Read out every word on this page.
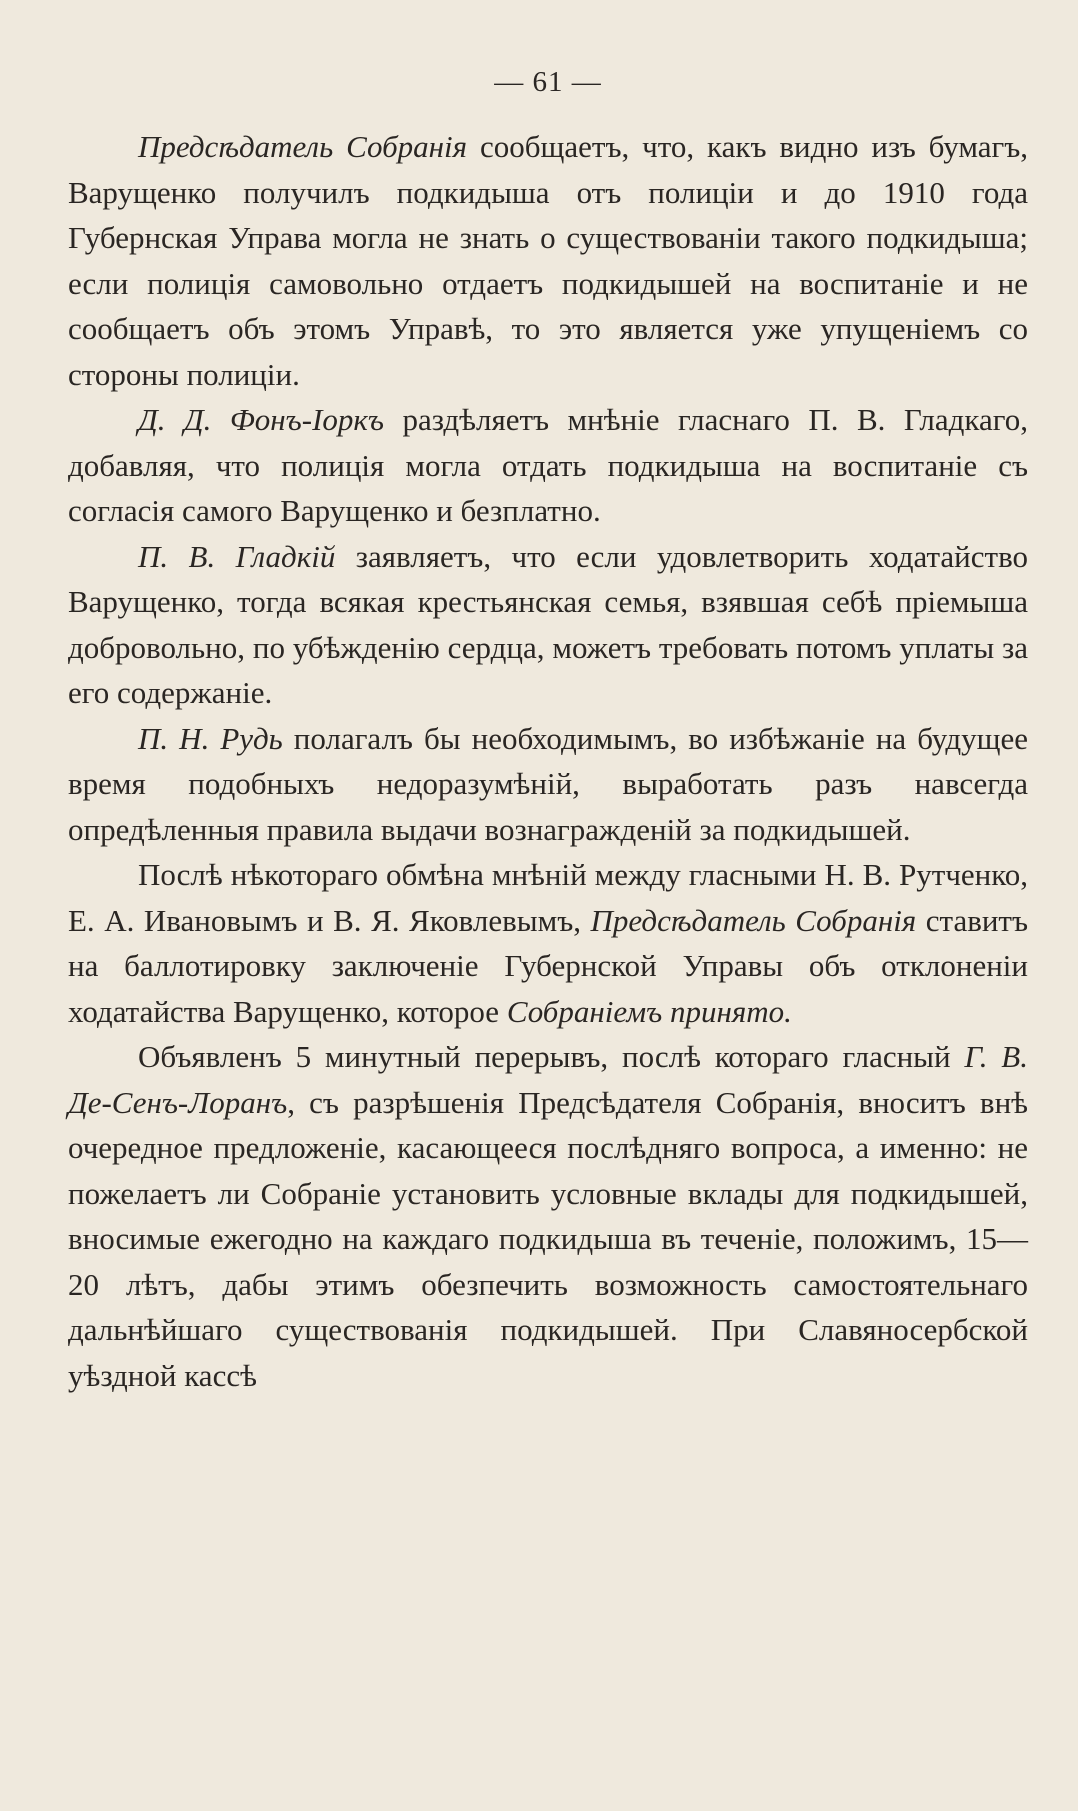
— 61 —

Предсѣдатель Собранія сообщаетъ, что, какъ видно изъ бумагъ, Варущенко получилъ подкидыша отъ полиціи и до 1910 года Губернская Управа могла не знать о существованіи такого подкидыша; если полиція самовольно отдаетъ подкидышей на воспитаніе и не сообщаетъ объ этомъ Управѣ, то это является уже упущеніемъ со стороны полиціи.

Д. Д. Фонъ-Іоркъ раздѣляетъ мнѣніе гласнаго П. В. Гладкаго, добавляя, что полиція могла отдать подкидыша на воспитаніе съ согласія самого Варущенко и безплатно.

П. В. Гладкій заявляетъ, что если удовлетворить ходатайство Варущенко, тогда всякая крестьянская семья, взявшая себѣ пріемыша добровольно, по убѣжденію сердца, можетъ требовать потомъ уплаты за его содержаніе.

П. Н. Рудь полагалъ бы необходимымъ, во избѣжаніе на будущее время подобныхъ недоразумѣній, выработать разъ навсегда опредѣленныя правила выдачи вознагражденій за подкидышей.

Послѣ нѣкотораго обмѣна мнѣній между гласными Н. В. Рутченко, Е. А. Ивановымъ и В. Я. Яковлевымъ, Предсѣдатель Собранія ставитъ на баллотировку заключеніе Губернской Управы объ отклоненіи ходатайства Варущенко, которое Собраніемъ принято.

Объявленъ 5 минутный перерывъ, послѣ котораго гласный Г. В. Де-Сенъ-Лоранъ, съ разрѣшенія Предсѣдателя Собранія, вноситъ внѣ очередное предложеніе, касающееся послѣдняго вопроса, а именно: не пожелаетъ ли Собраніе установить условные вклады для подкидышей, вносимые ежегодно на каждаго подкидыша въ теченіе, положимъ, 15—20 лѣтъ, дабы этимъ обезпечить возможность самостоятельнаго дальнѣйшаго существованія подкидышей. При Славяносербской уѣздной кассѣ
